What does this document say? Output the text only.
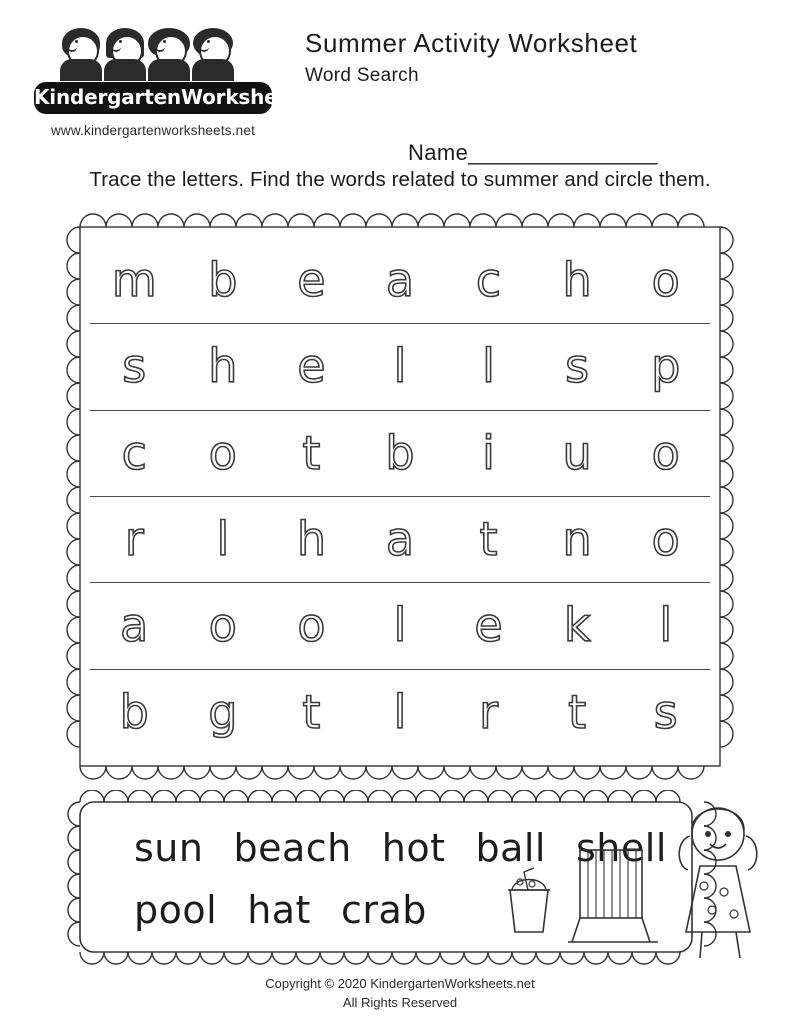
KindergartenWorksheets.net
www.kindergartenworksheets.net
Summer Activity Worksheet
Word Search
Name_______________
Trace the letters. Find the words related to summer and circle them.
m b e a c h o
s h e l l s p
c o t b i u o
r l h a t n o
a o o l e k l
b g t l r t s
sun beach hot ball shell
pool hat crab
Copyright © 2020 KindergartenWorksheets.net
All Rights Reserved
